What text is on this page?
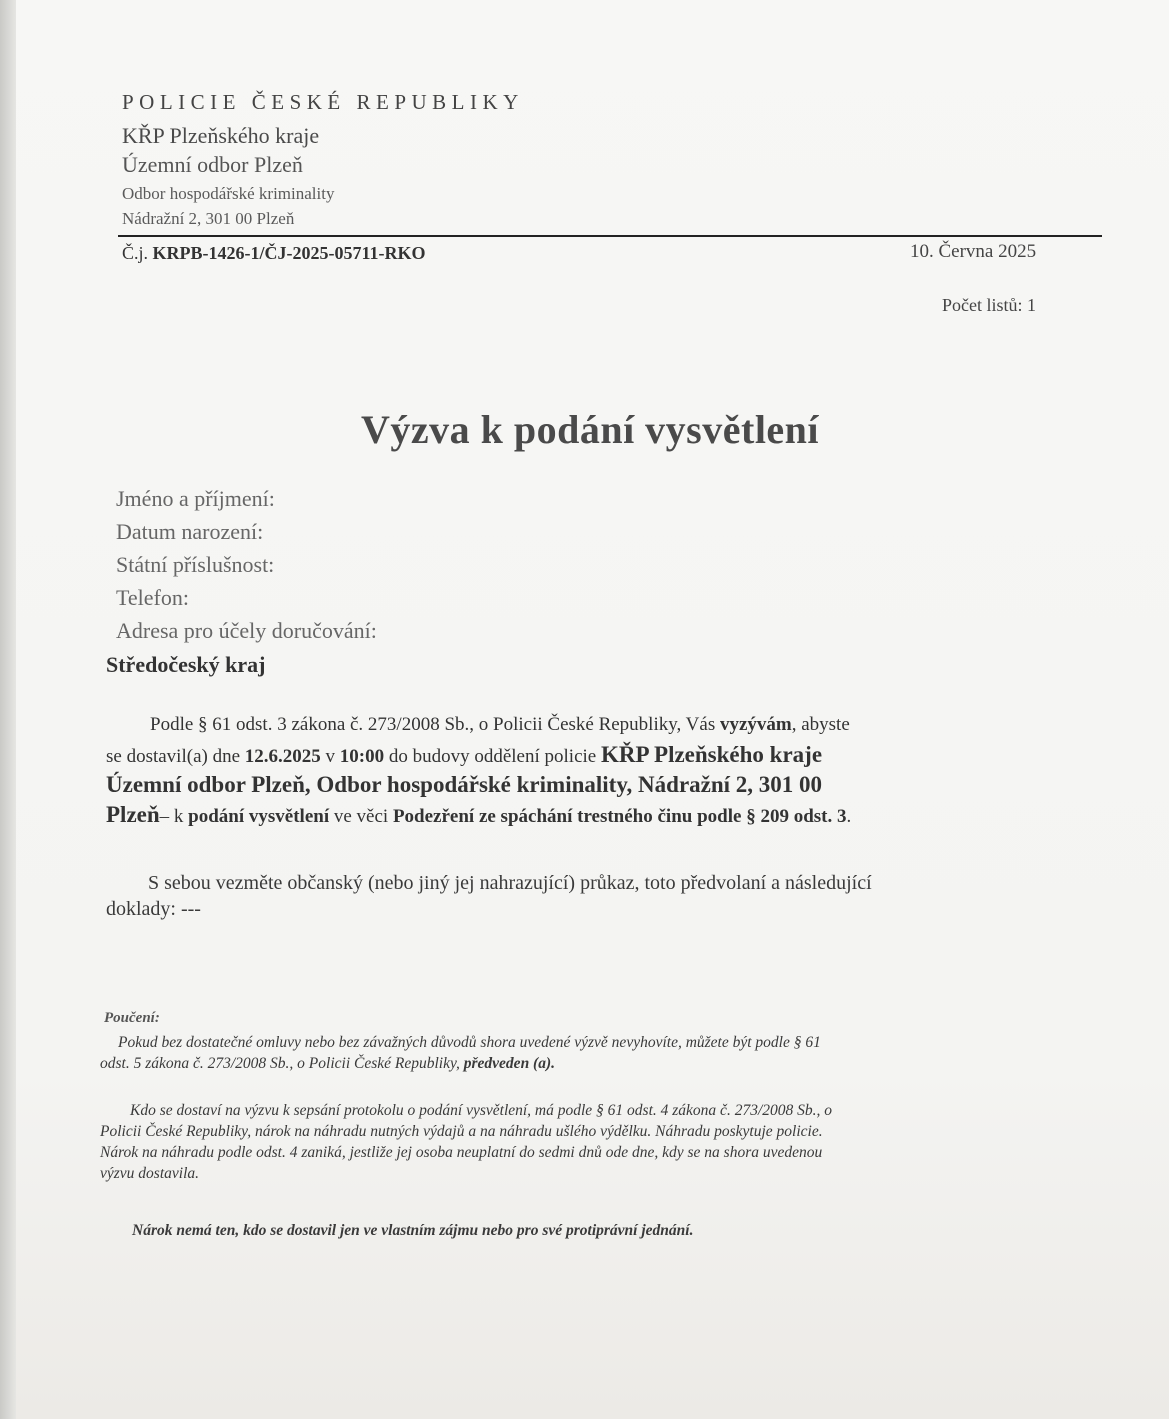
POLICIE ČESKÉ REPUBLIKY
KŘP Plzeňského kraje
Územní odbor Plzeň
Odbor hospodářské kriminality
Nádražní 2, 301 00 Plzeň
Č.j. KRPB-1426-1/ČJ-2025-05711-RKO	10. Června 2025
Počet listů: 1
Výzva k podání vysvětlení
Jméno a příjmení:
Datum narození:
Státní příslušnost:
Telefon:
Adresa pro účely doručování:
Středočeský kraj
Podle § 61 odst. 3 zákona č. 273/2008 Sb., o Policii České Republiky, Vás vyzývám, abyste
se dostavil(a) dne 12.6.2025 v 10:00 do budovy oddělení policie KŘP Plzeňského kraje
Územní odbor Plzeň, Odbor hospodářské kriminality, Nádražní 2, 301 00
Plzeň– k podání vysvětlení ve věci Podezření ze spáchání trestného činu podle § 209 odst. 3.
S sebou vezměte občanský (nebo jiný jej nahrazující) průkaz, toto předvolaní a následující
doklady: ---
Poučení:
Pokud bez dostatečné omluvy nebo bez závažných důvodů shora uvedené výzvě nevyhovíte, můžete být podle § 61
odst. 5 zákona č. 273/2008 Sb., o Policii České Republiky, předveden (a).
Kdo se dostaví na výzvu k sepsání protokolu o podání vysvětlení, má podle § 61 odst. 4 zákona č. 273/2008 Sb., o
Policii České Republiky, nárok na náhradu nutných výdajů a na náhradu ušlého výdělku. Náhradu poskytuje policie.
Nárok na náhradu podle odst. 4 zaniká, jestliže jej osoba neuplatní do sedmi dnů ode dne, kdy se na shora uvedenou
výzvu dostavila.
Nárok nemá ten, kdo se dostavil jen ve vlastním zájmu nebo pro své protiprávní jednání.
